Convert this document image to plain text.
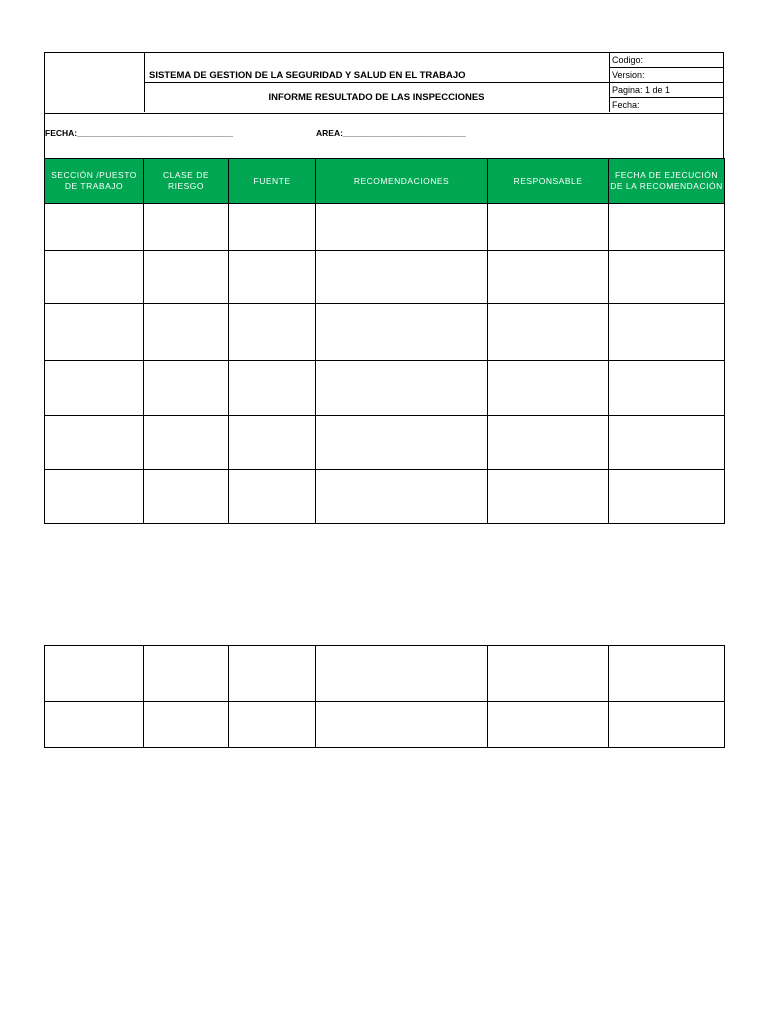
SISTEMA DE GESTION DE LA SEGURIDAD Y SALUD EN EL TRABAJO
INFORME RESULTADO DE LAS INSPECCIONES
Codigo:
Version:
Pagina: 1 de 1
Fecha:
FECHA:_________________________________	AREA:__________________________
SECCIÓN /PUESTO DE TRABAJO	CLASE DE RIESGO	FUENTE	RECOMENDACIONES	RESPONSABLE	FECHA DE EJECUCIÓN DE LA RECOMENDACIÓN
